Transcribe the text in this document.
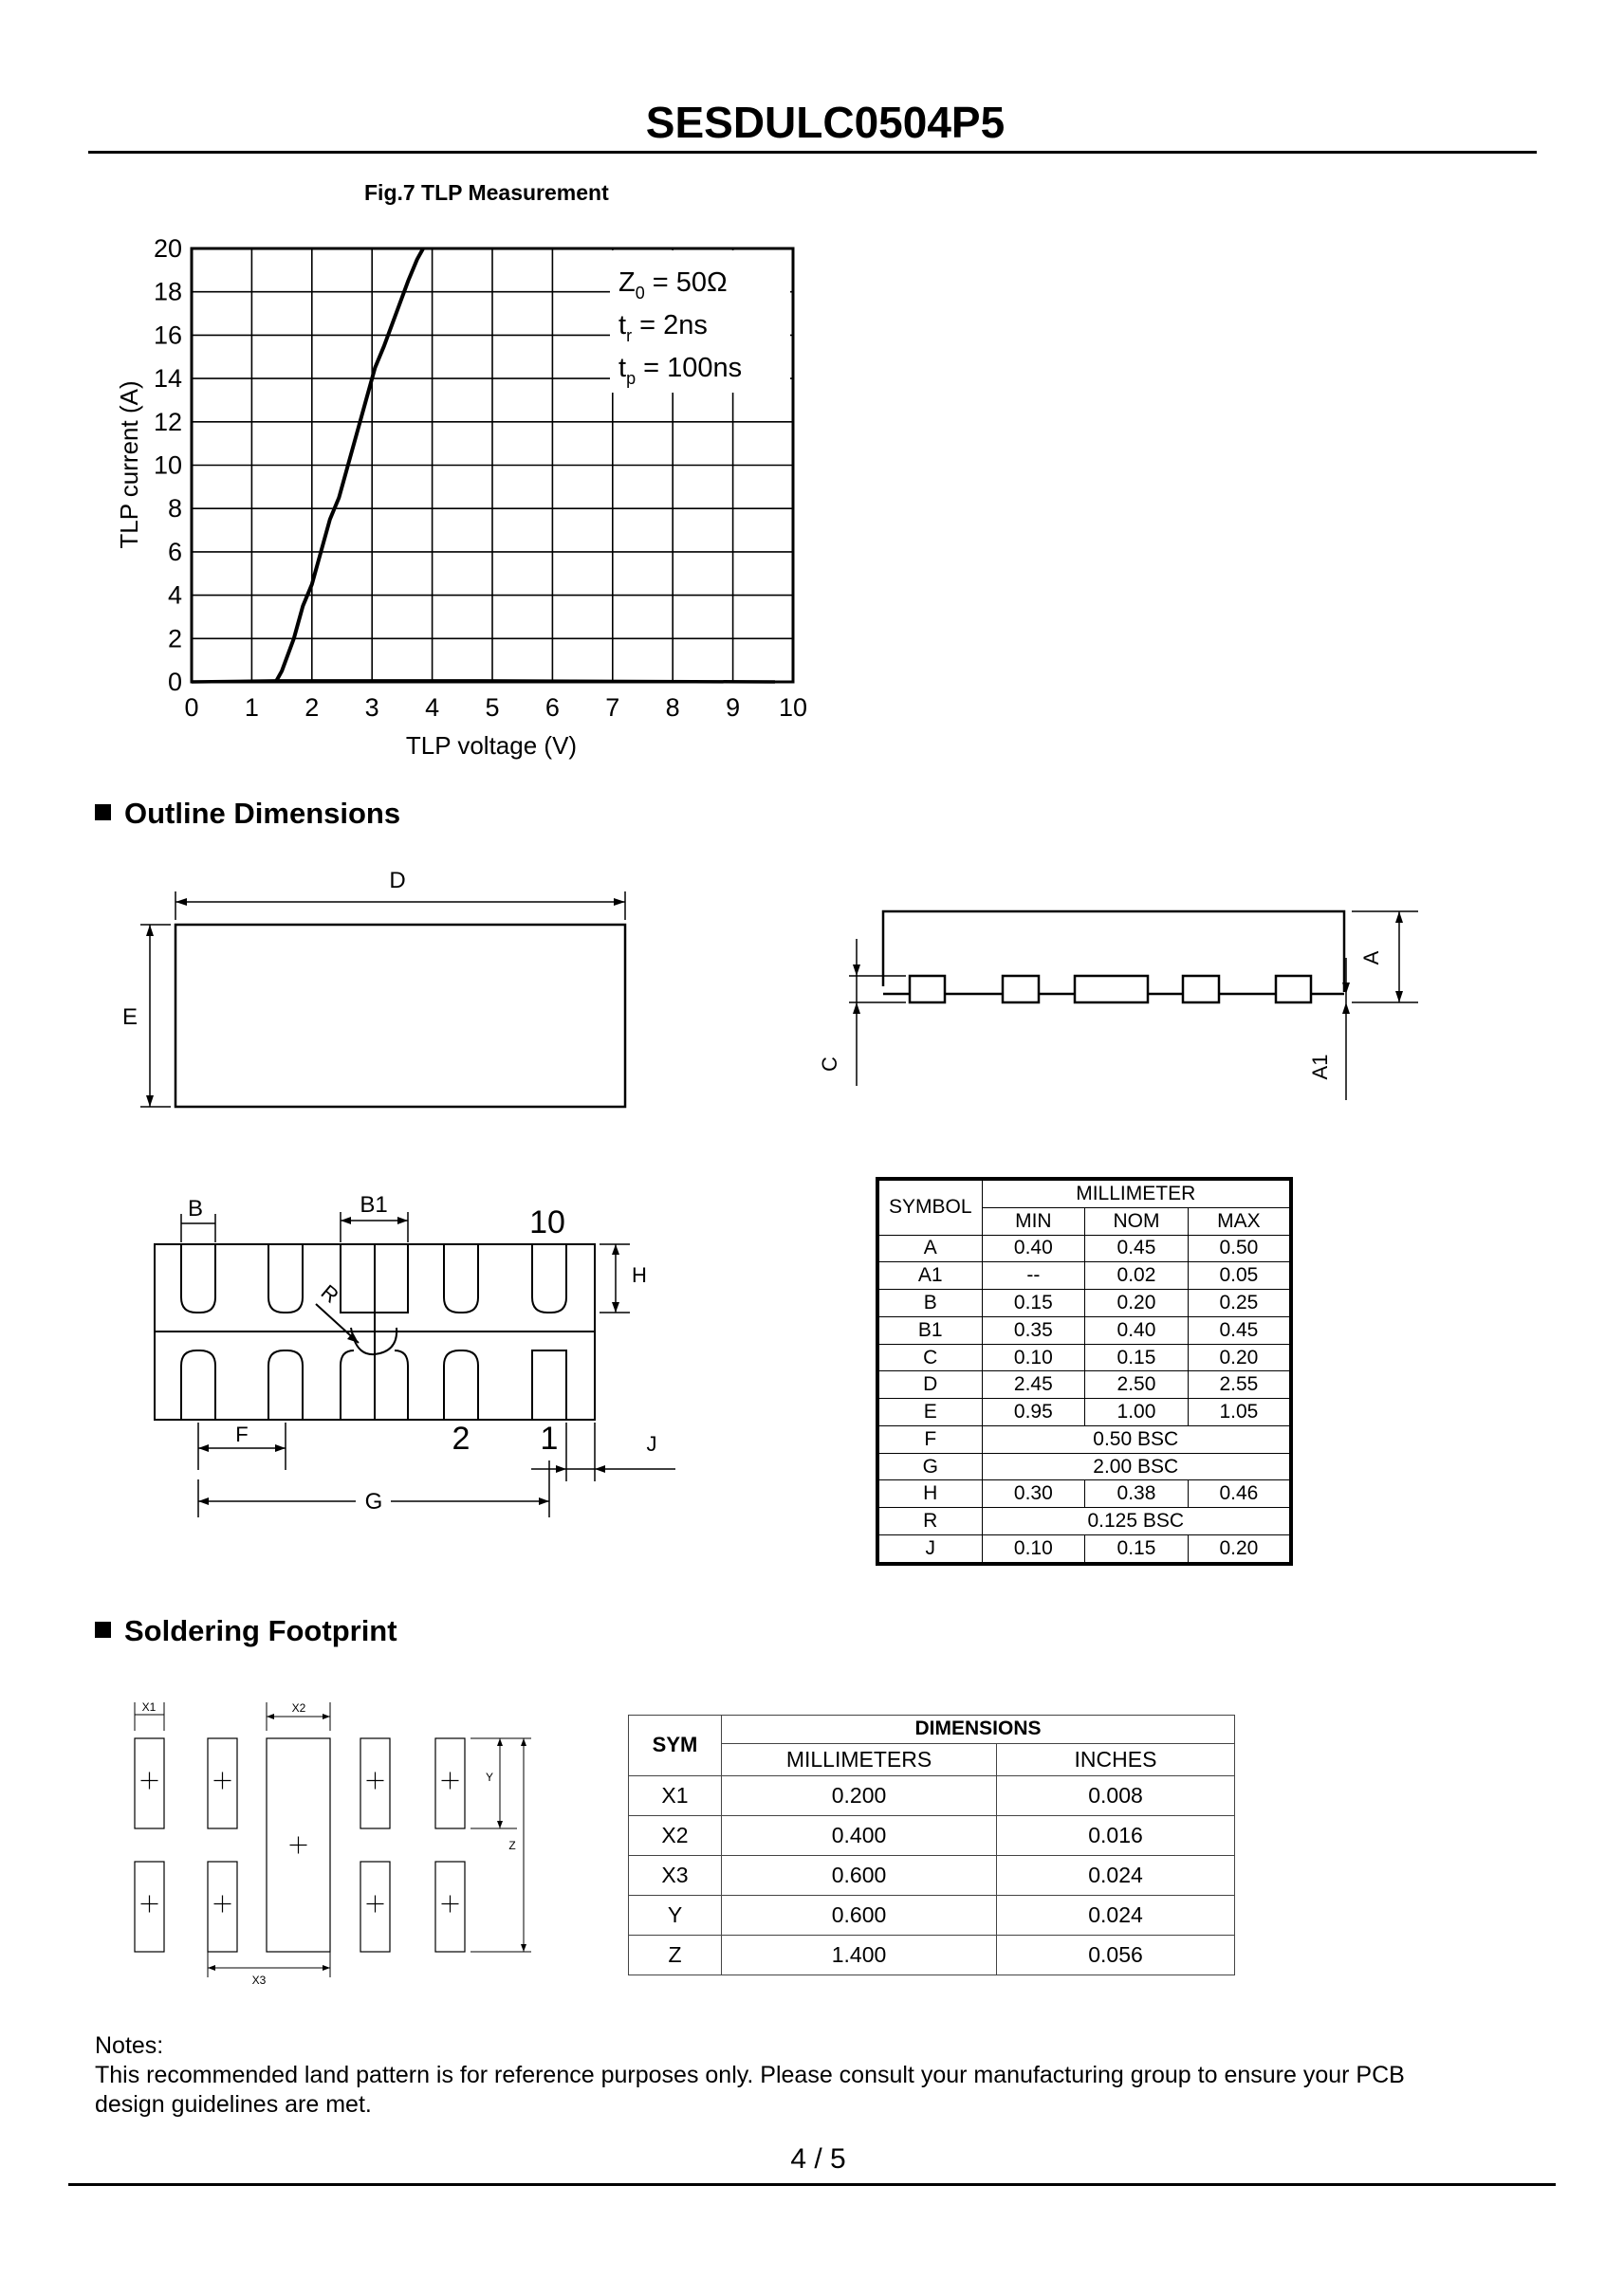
SESDULC0504P5
Fig.7 TLP Measurement
0 1 2 3 4 5 6 7 8 9 10
0
2
4
6
8
10
12
14
16
18
20
TLP voltage (V)
TLP current (A)
$Z_0 = 50\Omega$
$t_r = 2ns$
$t_p = 100ns$
Outline Dimensions
D
E
A
A1
C
R
B	B1	10
H
F	2 1	J
G
SYMBOL	MILLIMETER		
	MIN	NOM	MAX
A	0.40	0.45	0.50
A1	--	0.02	0.05
B	0.15	0.20	0.25
B1	0.35	0.40	0.45
C	0.10	0.15	0.20
D	2.45	2.50	2.55
E	0.95	1.00	1.05
F	0.50 BSC		
G	2.00 BSC		
H	0.30	0.38	0.46
R	0.125 BSC		
J	0.10	0.15	0.20
Soldering Footprint
X1	X2
X3
Y
Z
SYM	DIMENSIONS	
	MILLIMETERS	INCHES
X1	0.200	0.008
X2	0.400	0.016
X3	0.600	0.024
Y	0.600	0.024
Z	1.400	0.056
Notes:
This recommended land pattern is for reference purposes only. Please consult your manufacturing group to ensure your PCB
design guidelines are met.
4 / 5
